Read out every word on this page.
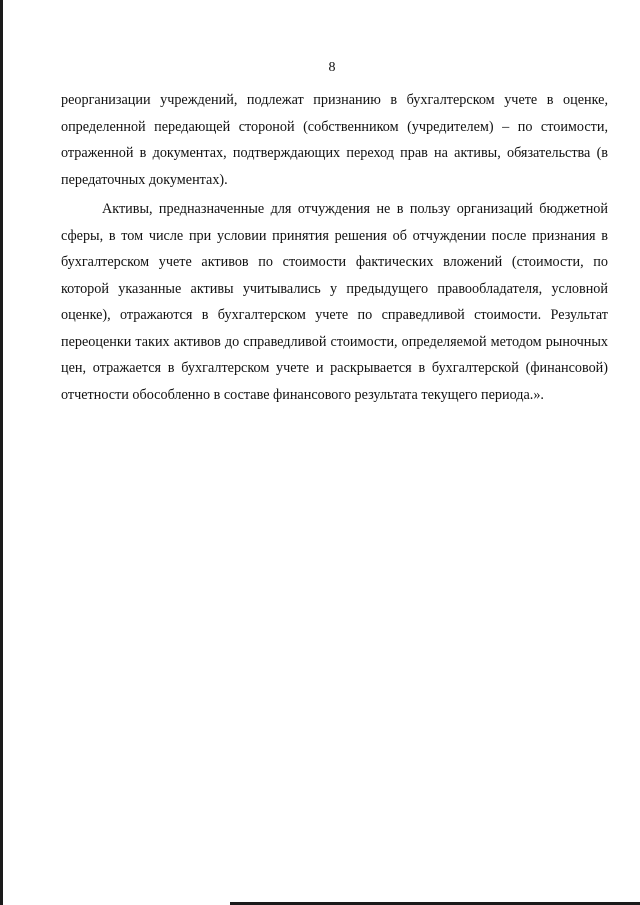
8

реорганизации учреждений, подлежат признанию в бухгалтерском учете в оценке, определенной передающей стороной (собственником (учредителем) – по стоимости, отраженной в документах, подтверждающих переход прав на активы, обязательства (в передаточных документах).

Активы, предназначенные для отчуждения не в пользу организаций бюджетной сферы, в том числе при условии принятия решения об отчуждении после признания в бухгалтерском учете активов по стоимости фактических вложений (стоимости, по которой указанные активы учитывались у предыдущего правообладателя, условной оценке), отражаются в бухгалтерском учете по справедливой стоимости. Результат переоценки таких активов до справедливой стоимости, определяемой методом рыночных цен, отражается в бухгалтерском учете и раскрывается в бухгалтерской (финансовой) отчетности обособленно в составе финансового результата текущего периода.».
